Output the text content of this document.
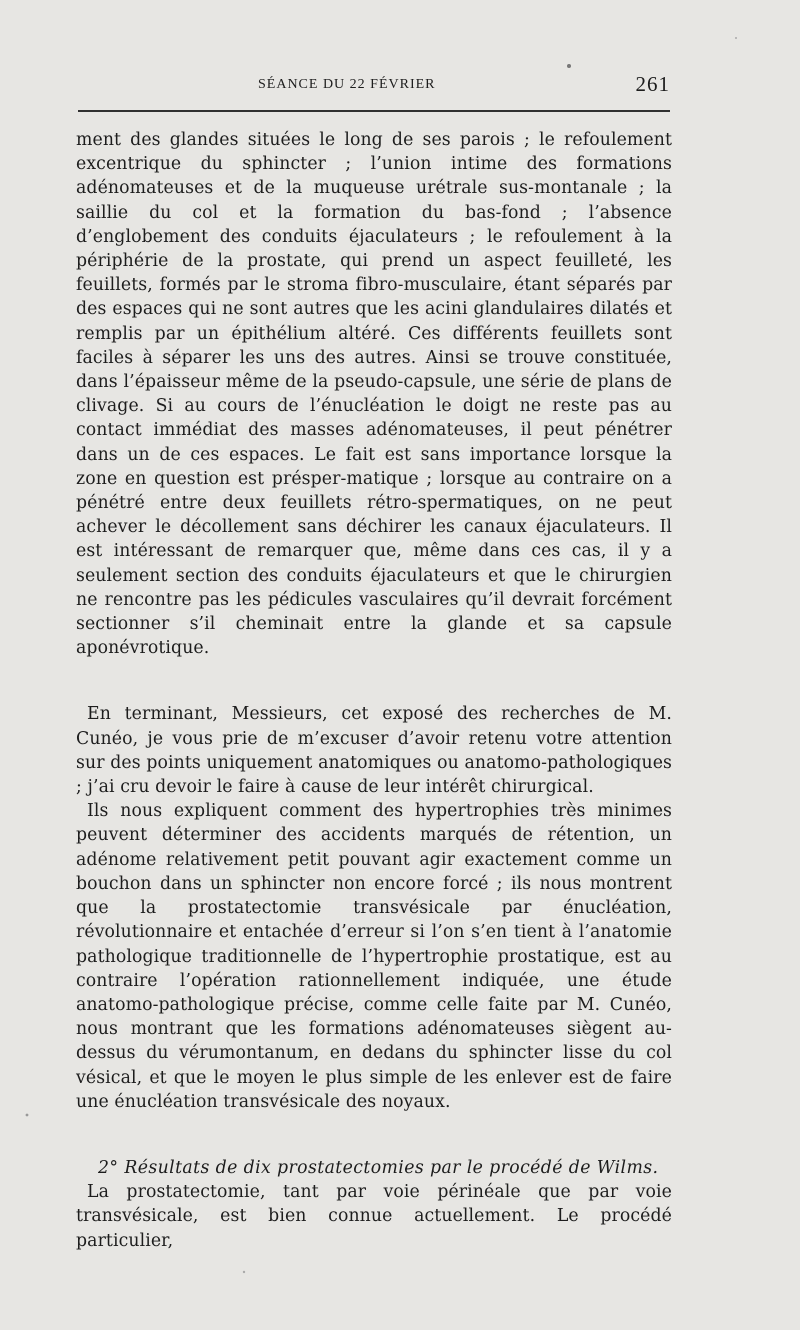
SÉANCE DU 22 FÉVRIER	261

ment des glandes situées le long de ses parois ; le refoulement excentrique du sphincter ; l’union intime des formations adénomateuses et de la muqueuse urétrale sus-montanale ; la saillie du col et la formation du bas-fond ; l’absence d’englobement des conduits éjaculateurs ; le refoulement à la périphérie de la prostate, qui prend un aspect feuilleté, les feuillets, formés par le stroma fibro-musculaire, étant séparés par des espaces qui ne sont autres que les acini glandulaires dilatés et remplis par un épithélium altéré. Ces différents feuillets sont faciles à séparer les uns des autres. Ainsi se trouve constituée, dans l’épaisseur même de la pseudo-capsule, une série de plans de clivage. Si au cours de l’énucléation le doigt ne reste pas au contact immédiat des masses adénomateuses, il peut pénétrer dans un de ces espaces. Le fait est sans importance lorsque la zone en question est présper-matique ; lorsque au contraire on a pénétré entre deux feuillets rétro-spermatiques, on ne peut achever le décollement sans déchirer les canaux éjaculateurs. Il est intéressant de remarquer que, même dans ces cas, il y a seulement section des conduits éjaculateurs et que le chirurgien ne rencontre pas les pédicules vasculaires qu’il devrait forcément sectionner s’il cheminait entre la glande et sa capsule aponévrotique.

En terminant, Messieurs, cet exposé des recherches de M. Cunéo, je vous prie de m’excuser d’avoir retenu votre attention sur des points uniquement anatomiques ou anatomo-pathologiques ; j’ai cru devoir le faire à cause de leur intérêt chirurgical.

Ils nous expliquent comment des hypertrophies très minimes peuvent déterminer des accidents marqués de rétention, un adénome relativement petit pouvant agir exactement comme un bouchon dans un sphincter non encore forcé ; ils nous montrent que la prostatectomie transvésicale par énucléation, révolutionnaire et entachée d’erreur si l’on s’en tient à l’anatomie pathologique traditionnelle de l’hypertrophie prostatique, est au contraire l’opération rationnellement indiquée, une étude anatomo-pathologique précise, comme celle faite par M. Cunéo, nous montrant que les formations adénomateuses siègent au-dessus du vérumontanum, en dedans du sphincter lisse du col vésical, et que le moyen le plus simple de les enlever est de faire une énucléation transvésicale des noyaux.

2° Résultats de dix prostatectomies par le procédé de Wilms.

La prostatectomie, tant par voie périnéale que par voie transvésicale, est bien connue actuellement. Le procédé particulier,
